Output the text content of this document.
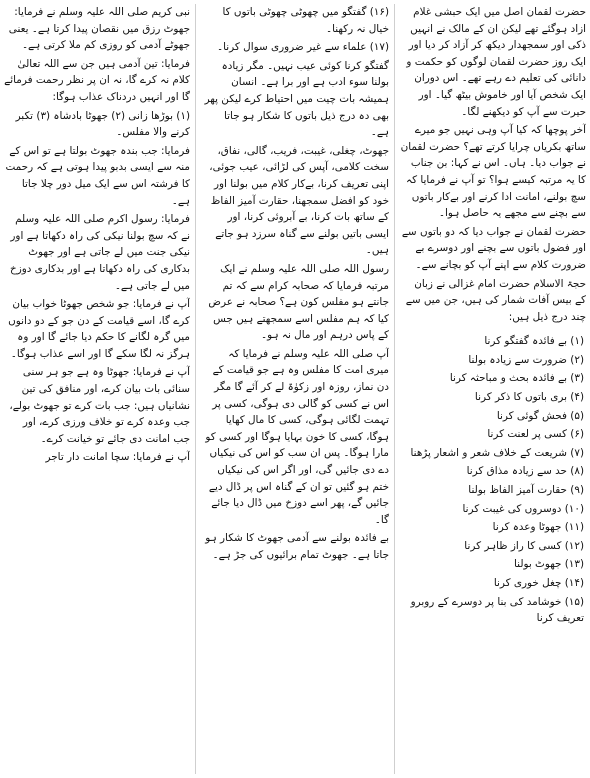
حضرت لقمان اصل میں ایک حبشی غلام ازاد ہوگئے تھے لیکن ان کے مالک نے انہیں ذکی اور سمجھدار دیکھ کر آزاد کر دیا اور ایک روز حضرت لقمان لوگوں کو حکمت و دانائی کی تعلیم دے رہے تھے۔ اس دوران ایک شخص آیا اور خاموش بیٹھ گیا۔ اور حیرت سے آپ کو دیکھنے لگا۔

آخر پوچھا کہ کیا آپ وہی نہیں جو میرے ساتھ بکریاں چرایا کرتے تھے؟ حضرت لقمان نے جواب دیا۔ ہاں۔ اس نے کہا: بن جناب کا یہ مرتبہ کیسے ہوا؟ تو آپ نے فرمایا کہ سچ بولنے، امانت ادا کرنے اور بےکار باتوں سے بچنے سے مجھے یہ حاصل ہوا۔

حضرت لقمان نے جواب دیا کہ دو باتوں سے اور فضول باتوں سے بچنے اور دوسرے بے ضرورت کلام سے اپنے آپ کو بچانے سے۔

حجۃ الاسلام حضرت امام غزالی نے زبان کے بیس آفات شمار کی ہیں، جن میں سے چند درج ذیل ہیں:

(۱) بے فائدہ گفتگو کرنا

(۲) ضرورت سے زیادہ بولنا

(۳) بے فائدہ بحث و مباحثہ کرنا

(۴) بری باتوں کا ذکر کرنا

(۵) فحش گوئی کرنا

(۶) کسی پر لعنت کرنا

(۷) شریعت کے خلاف شعر و اشعار پڑھنا

(۸) حد سے زیادہ مذاق کرنا

(۹) حقارت آمیز الفاظ بولنا

(۱۰) دوسروں کی غیبت کرنا

(۱۱) جھوٹا وعدہ کرنا

(۱۲) کسی کا راز ظاہر کرنا

(۱۳) جھوٹ بولنا

(۱۴) چغل خوری کرنا

(۱۵) خوشامد کی بنا پر دوسرے کے روبرو تعریف کرنا

(۱۶) گفتگو میں چھوٹی چھوٹی باتوں کا خیال نہ رکھنا۔

(۱۷) علماء سے غیر ضروری سوال کرنا۔

گفتگو کرنا کوئی عیب نہیں۔ مگر زیادہ بولنا سوء ادب ہے اور برا ہے۔ انسان ہمیشہ بات چیت میں احتیاط کرے لیکن پھر بھی دہ درج ذیل باتوں کا شکار ہو جاتا ہے۔

جھوٹ، چغلی، غیبت، فریب، گالی، نفاق، سخت کلامی، آپس کی لڑائی، عیب جوئی، اپنی تعریف کرنا، بےکار کلام میں بولنا اور خود کو افضل سمجھنا، حقارت آمیز الفاظ کے ساتھ بات کرنا، بے آبروئی کرنا، اور ایسی باتیں بولنے سے گناہ سرزد ہو جاتے ہیں۔

رسول اللہ صلی اللہ علیہ وسلم نے ایک مرتبہ فرمایا کہ صحابہ کرام سے کہ تم جانتے ہو مفلس کون ہے؟ صحابہ نے عرض کیا کہ ہم مفلس اسے سمجھتے ہیں جس کے پاس درہم اور مال نہ ہو۔

آپ صلی اللہ علیہ وسلم نے فرمایا کہ میری امت کا مفلس وہ ہے جو قیامت کے دن نماز، روزہ اور زکوٰۃ لے کر آئے گا مگر اس نے کسی کو گالی دی ہوگی، کسی پر تہمت لگائی ہوگی، کسی کا مال کھایا ہوگا، کسی کا خون بہایا ہوگا اور کسی کو مارا ہوگا۔ پس ان سب کو اس کی نیکیاں دے دی جائیں گی، اور اگر اس کی نیکیاں ختم ہو گئیں تو ان کے گناہ اس پر ڈال دیے جائیں گے، پھر اسے دوزخ میں ڈال دیا جائے گا۔

بے فائدہ بولنے سے آدمی جھوٹ کا شکار ہو جاتا ہے۔ جھوٹ تمام برائیوں کی جڑ ہے۔

نبی کریم صلی اللہ علیہ وسلم نے فرمایا: جھوٹ رزق میں نقصان پیدا کرتا ہے۔ یعنی جھوٹے آدمی کو روزی کم ملا کرتی ہے۔

فرمایا: تین آدمی ہیں جن سے اللہ تعالیٰ کلام نہ کرے گا، نہ ان پر نظر رحمت فرمائے گا اور انہیں دردناک عذاب ہوگا:

(۱) بوڑھا زانی (۲) جھوٹا بادشاہ (۳) تکبر کرنے والا مفلس۔

فرمایا: جب بندہ جھوٹ بولتا ہے تو اس کے منہ سے ایسی بدبو پیدا ہوتی ہے کہ رحمت کا فرشتہ اس سے ایک میل دور چلا جاتا ہے۔

فرمایا: رسول اکرم صلی اللہ علیہ وسلم نے کہ سچ بولنا نیکی کی راہ دکھاتا ہے اور نیکی جنت میں لے جاتی ہے اور جھوٹ بدکاری کی راہ دکھاتا ہے اور بدکاری دوزخ میں لے جاتی ہے۔

آپ نے فرمایا: جو شخص جھوٹا خواب بیان کرے گا، اسے قیامت کے دن جو کے دو دانوں میں گرہ لگانے کا حکم دیا جائے گا اور وہ ہرگز نہ لگا سکے گا اور اسے عذاب ہوگا۔

آپ نے فرمایا: جھوٹا وہ ہے جو ہر سنی سنائی بات بیان کرے، اور منافق کی تین نشانیاں ہیں: جب بات کرے تو جھوٹ بولے، جب وعدہ کرے تو خلاف ورزی کرے، اور جب امانت دی جائے تو خیانت کرے۔

آپ نے فرمایا: سچا امانت دار تاجر
